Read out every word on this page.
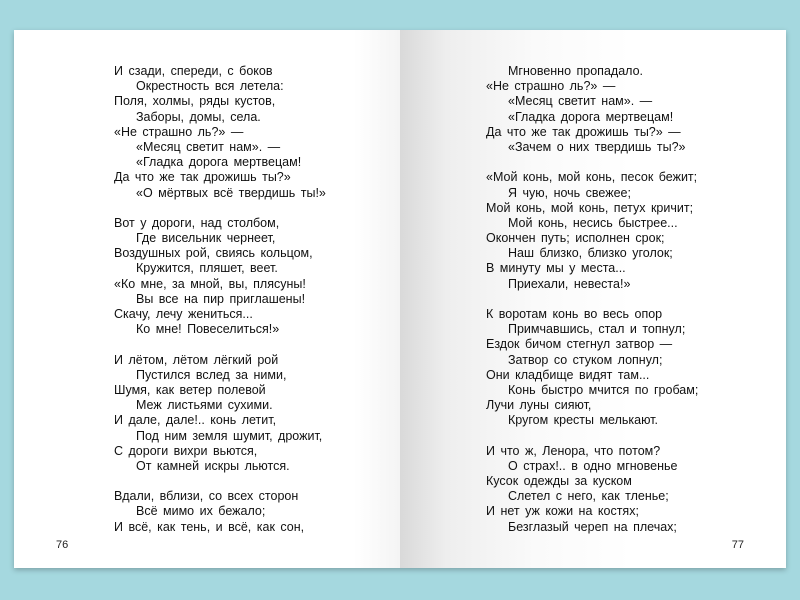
И сзади, спереди, с боков
Окрестность вся летела:
Поля, холмы, ряды кустов,
Заборы, домы, села.
«Не страшно ль?» —
«Месяц светит нам». —
«Гладка дорога мертвецам!
Да что же так дрожишь ты?»
«О мёртвых всё твердишь ты!»
Вот у дороги, над столбом,
Где висельник чернеет,
Воздушных рой, свиясь кольцом,
Кружится, пляшет, веет.
«Ко мне, за мной, вы, плясуны!
Вы все на пир приглашены!
Скачу, лечу жениться...
Ко мне! Повеселиться!»
И лётом, лётом лёгкий рой
Пустился вслед за ними,
Шумя, как ветер полевой
Меж листьями сухими.
И дале, дале!.. конь летит,
Под ним земля шумит, дрожит,
С дороги вихри вьются,
От камней искры льются.
Вдали, вблизи, со всех сторон
Всё мимо их бежало;
И всё, как тень, и всё, как сон,
76
Мгновенно пропадало.
«Не страшно ль?» —
«Месяц светит нам». —
«Гладка дорога мертвецам!
Да что же так дрожишь ты?» —
«Зачем о них твердишь ты?»
«Мой конь, мой конь, песок бежит;
Я чую, ночь свежее;
Мой конь, мой конь, петух кричит;
Мой конь, несись быстрее...
Окончен путь; исполнен срок;
Наш близко, близко уголок;
В минуту мы у места...
Приехали, невеста!»
К воротам конь во весь опор
Примчавшись, стал и топнул;
Ездок бичом стегнул затвор —
Затвор со стуком лопнул;
Они кладбище видят там...
Конь быстро мчится по гробам;
Лучи луны сияют,
Кругом кресты мелькают.
И что ж, Ленора, что потом?
О страх!.. в одно мгновенье
Кусок одежды за куском
Слетел с него, как тленье;
И нет уж кожи на костях;
Безглазый череп на плечах;
77
